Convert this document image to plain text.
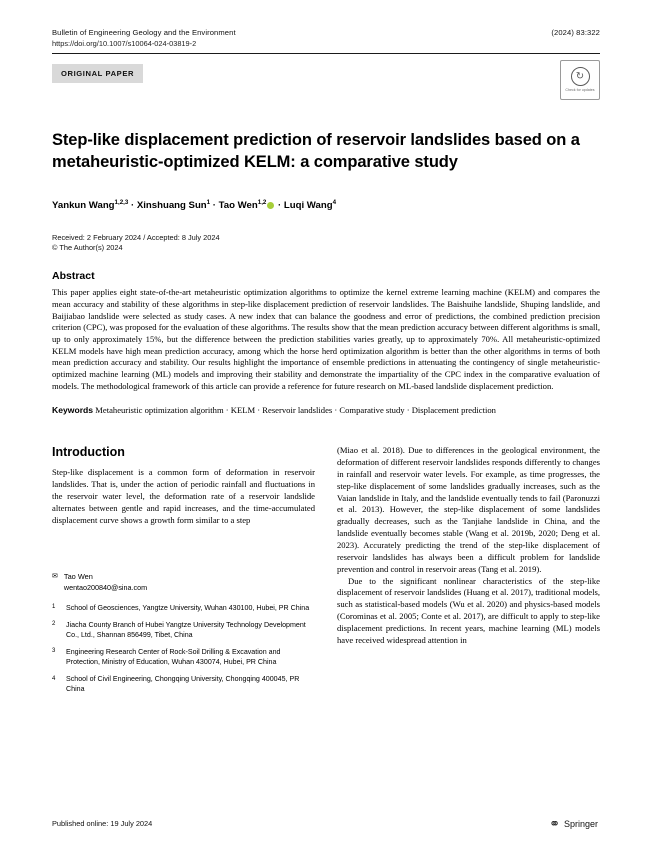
Bulletin of Engineering Geology and the Environment	(2024) 83:322
https://doi.org/10.1007/s10064-024-03819-2
ORIGINAL PAPER	↻
Check for updates
Step-like displacement prediction of reservoir landslides based on a metaheuristic-optimized KELM: a comparative study
Yankun Wang$^{1,2,3}$ · Xinshuang Sun$^1$ · Tao Wen$^{1,2}$ · Luqi Wang$^4$
Received: 2 February 2024 / Accepted: 8 July 2024
© The Author(s) 2024
Abstract
This paper applies eight state-of-the-art metaheuristic optimization algorithms to optimize the kernel extreme learning machine (KELM) and compares the mean accuracy and stability of these algorithms in step-like displacement prediction of reservoir landslides. The Baishuihe landslide, Shuping landslide, and Baijiabao landslide were selected as study cases. A new index that can balance the goodness and error of predictions, the combined prediction precision criterion (CPC), was proposed for the evaluation of these algorithms. The results show that the mean prediction accuracy between different algorithms is small, up to only approximately 15%, but the difference between the prediction stabilities varies greatly, up to approximately 70%. All metaheuristic-optimized KELM models have high mean prediction accuracy, among which the horse herd optimization algorithm is better than the other algorithms in terms of both mean prediction accuracy and stability. Our results highlight the importance of ensemble predictions in attenuating the contingency of single metaheuristic-optimized machine learning (ML) models and improving their stability and demonstrate the impartiality of the CPC index in the comparative evaluation of models. The methodological framework of this article can provide a reference for future research on ML-based landslide displacement prediction.
Keywords Metaheuristic optimization algorithm · KELM · Reservoir landslides · Comparative study · Displacement prediction
Introduction

Step-like displacement is a common form of deformation in reservoir landslides. That is, under the action of periodic rainfall and fluctuations in the reservoir water level, the deformation rate of a reservoir landslide alternates between gentle and rapid increases, and the time-accumulated displacement curve shows a growth form similar to a step

✉ Tao Wen
wentao200840@sina.com
1	School of Geosciences, Yangtze University, Wuhan 430100, Hubei, PR China
2	Jiacha County Branch of Hubei Yangtze University Technology Development Co., Ltd., Shannan 856499, Tibet, China
3	Engineering Research Center of Rock-Soil Drilling & Excavation and Protection, Ministry of Education, Wuhan 430074, Hubei, PR China
4	School of Civil Engineering, Chongqing University, Chongqing 400045, PR China

(Miao et al. 2018). Due to differences in the geological environment, the deformation of different reservoir landslides responds differently to changes in rainfall and reservoir water levels. For example, as time progresses, the step-like displacement of some landslides gradually increases, such as the Vaian landslide in Italy, and the landslide eventually tends to fail (Paronuzzi et al. 2013). However, the step-like displacement of some landslides gradually decreases, such as the Tanjiahe landslide in China, and the landslide eventually becomes stable (Wang et al. 2019b, 2020; Deng et al. 2023). Accurately predicting the trend of the step-like displacement of reservoir landslides has always been a difficult problem for landslide prevention and control in reservoir areas (Tang et al. 2019).

Due to the significant nonlinear characteristics of the step-like displacement of reservoir landslides (Huang et al. 2017), traditional models, such as statistical-based models (Wu et al. 2020) and physics-based models (Corominas et al. 2005; Conte et al. 2017), are difficult to apply to step-like displacement predictions. In recent years, machine learning (ML) models have received widespread attention in

Published online: 19 July 2024	⚭ Springer
